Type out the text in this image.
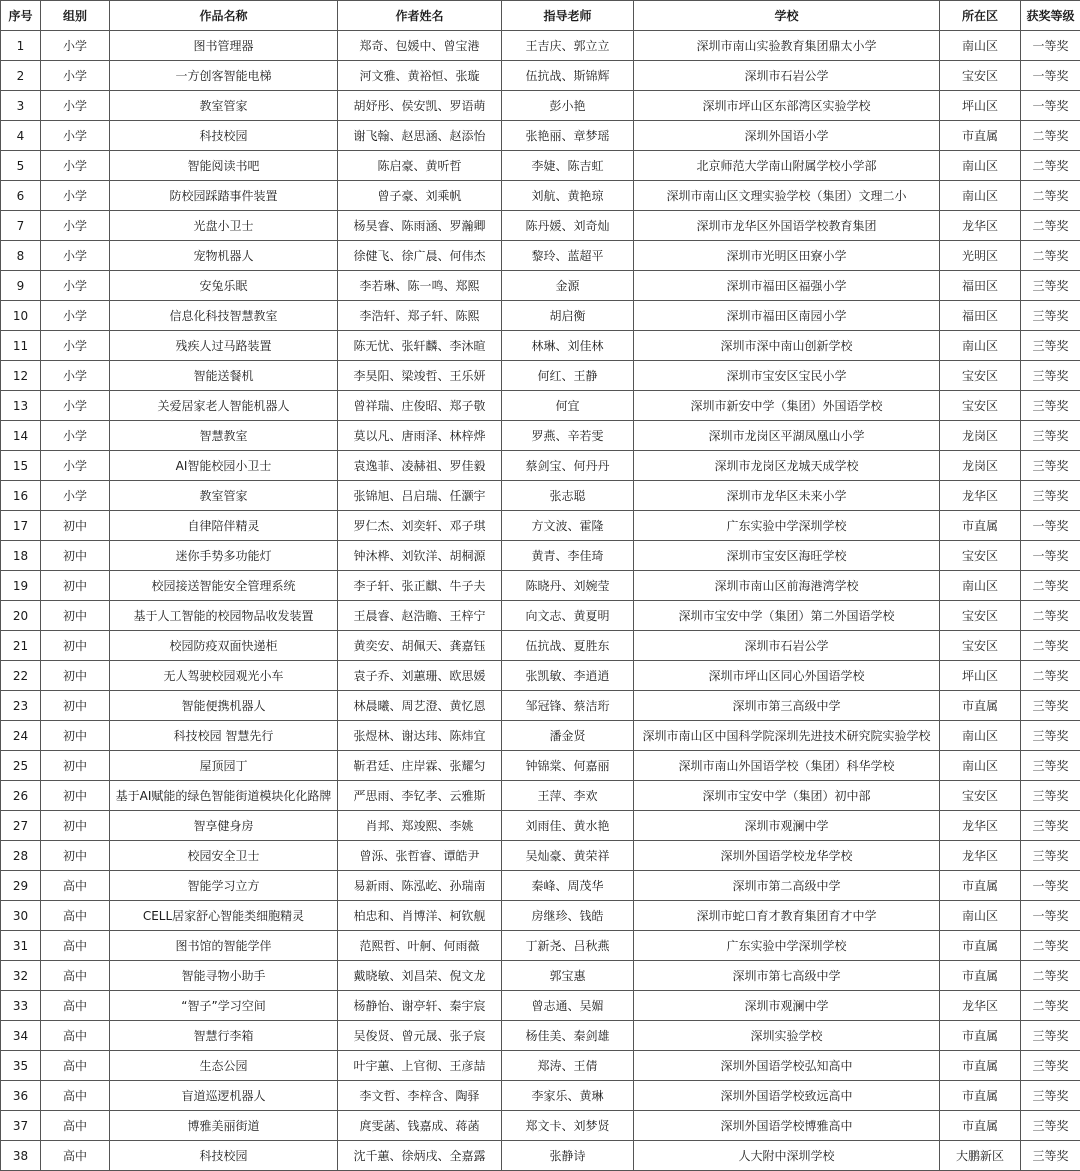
序号	组别	作品名称	作者姓名	指导老师	学校	所在区	获奖等级
1	小学	图书管理器	郑奇、包媛中、曾宝港	王吉庆、郭立立	深圳市南山实验教育集团鼎太小学	南山区	一等奖
2	小学	一方创客智能电梯	河文雅、黄裕恒、张璇	伍抗战、斯锦辉	深圳市石岩公学	宝安区	一等奖
3	小学	教室管家	胡妤彤、侯安凯、罗语萌	彭小艳	深圳市坪山区东部湾区实验学校	坪山区	一等奖
4	小学	科技校园	谢飞翰、赵思涵、赵添怡	张艳丽、章梦瑶	深圳外国语小学	市直属	二等奖
5	小学	智能阅读书吧	陈启豪、黄听哲	李婕、陈吉虹	北京师范大学南山附属学校小学部	南山区	二等奖
6	小学	防校园踩踏事件装置	曾子豪、刘乘帆	刘航、黄艳琼	深圳市南山区文理实验学校（集团）文理二小	南山区	二等奖
7	小学	光盘小卫士	杨昊睿、陈雨涵、罗瀚卿	陈丹媛、刘奇灿	深圳市龙华区外国语学校教育集团	龙华区	二等奖
8	小学	宠物机器人	徐健飞、徐广晨、何伟杰	黎玲、蓝超平	深圳市光明区田寮小学	光明区	二等奖
9	小学	安兔乐眠	李若琳、陈一鸣、郑熙	金源	深圳市福田区福强小学	福田区	三等奖
10	小学	信息化科技智慧教室	李浩轩、郑子轩、陈熙	胡启衡	深圳市福田区南园小学	福田区	三等奖
11	小学	残疾人过马路装置	陈无忧、张轩麟、李沐暄	林琳、刘佳林	深圳市深中南山创新学校	南山区	三等奖
12	小学	智能送餐机	李昊阳、梁竣哲、王乐妍	何红、王静	深圳市宝安区宝民小学	宝安区	三等奖
13	小学	关爱居家老人智能机器人	曾祥瑞、庄俊昭、郑子敬	何宜	深圳市新安中学（集团）外国语学校	宝安区	三等奖
14	小学	智慧教室	莫以凡、唐雨泽、林梓烨	罗燕、辛若雯	深圳市龙岗区平湖凤凰山小学	龙岗区	三等奖
15	小学	AI智能校园小卫士	袁逸菲、凌赫祖、罗佳毅	蔡剑宝、何丹丹	深圳市龙岗区龙城天成学校	龙岗区	三等奖
16	小学	教室管家	张锦旭、吕启瑞、任灏宇	张志聪	深圳市龙华区未来小学	龙华区	三等奖
17	初中	自律陪伴精灵	罗仁杰、刘奕轩、邓子琪	方文波、霍隆	广东实验中学深圳学校	市直属	一等奖
18	初中	迷你手势多功能灯	钟沐桦、刘钦洋、胡桐源	黄青、李佳琦	深圳市宝安区海旺学校	宝安区	一等奖
19	初中	校园接送智能安全管理系统	李子轩、张正麒、牛子夫	陈晓丹、刘婉莹	深圳市南山区前海港湾学校	南山区	二等奖
20	初中	基于人工智能的校园物品收发装置	王晨睿、赵浩瞻、王梓宁	向文志、黄夏明	深圳市宝安中学（集团）第二外国语学校	宝安区	二等奖
21	初中	校园防疫双面快递柜	黄奕安、胡佩天、龚嘉钰	伍抗战、夏胜东	深圳市石岩公学	宝安区	二等奖
22	初中	无人驾驶校园观光小车	袁子乔、刘蕙珊、欧思媛	张凯敏、李逍逍	深圳市坪山区同心外国语学校	坪山区	二等奖
23	初中	智能便携机器人	林晨曦、周艺澄、黄忆恩	邹冠锋、蔡洁珩	深圳市第三高级中学	市直属	三等奖
24	初中	科技校园 智慧先行	张煜林、谢达玮、陈炜宜	潘金贤	深圳市南山区中国科学院深圳先进技术研究院实验学校	南山区	三等奖
25	初中	屋顶园丁	靳君廷、庄岸霖、张耀匀	钟锦棠、何嘉丽	深圳市南山外国语学校（集团）科华学校	南山区	三等奖
26	初中	基于AI赋能的绿色智能街道模块化化路牌	严思雨、李钇孝、云雅斯	王萍、李欢	深圳市宝安中学（集团）初中部	宝安区	三等奖
27	初中	智享健身房	肖邦、郑竣熙、李姚	刘雨佳、黄水艳	深圳市观澜中学	龙华区	三等奖
28	初中	校园安全卫士	曾泺、张哲睿、谭皓尹	吴灿豪、黄荣祥	深圳外国语学校龙华学校	龙华区	三等奖
29	高中	智能学习立方	易新雨、陈泓屹、孙瑞南	秦峰、周茂华	深圳市第二高级中学	市直属	一等奖
30	高中	CELL居家舒心智能类细胞精灵	柏忠和、肖博洋、柯钦舰	房继珍、钱皓	深圳市蛇口育才教育集团育才中学	南山区	一等奖
31	高中	图书馆的智能学伴	范熙哲、叶舸、何雨薇	丁新尧、吕秋燕	广东实验中学深圳学校	市直属	二等奖
32	高中	智能寻物小助手	戴晓敏、刘昌荣、倪文龙	郭宝惠	深圳市第七高级中学	市直属	二等奖
33	高中	“智子”学习空间	杨静怡、谢亭轩、秦宇宸	曾志通、吴媚	深圳市观澜中学	龙华区	二等奖
34	高中	智慧行李箱	吴俊贤、曾元晟、张子宸	杨佳美、秦剑雄	深圳实验学校	市直属	三等奖
35	高中	生态公园	叶宇蕙、上官彻、王彦喆	郑涛、王倩	深圳外国语学校弘知高中	市直属	三等奖
36	高中	盲道巡逻机器人	李文哲、李梓含、陶驿	李家乐、黄琳	深圳外国语学校致远高中	市直属	三等奖
37	高中	博雅美丽街道	庹雯菡、钱嘉成、蒋菡	郑文卡、刘梦贤	深圳外国语学校博雅高中	市直属	三等奖
38	高中	科技校园	沈千蕙、徐炳戌、全嘉露	张静诗	人大附中深圳学校	大鹏新区	三等奖
